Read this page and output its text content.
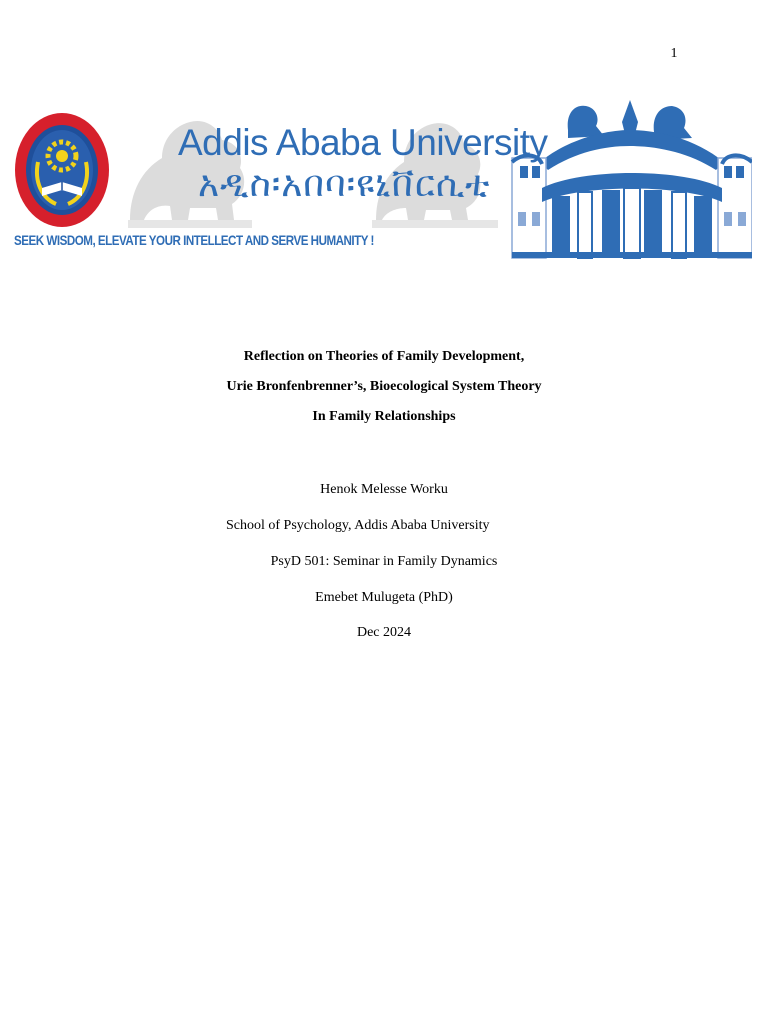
1
Addis Ababa University
አዲስ፡አበባ፡ዩኒቨርሲቲ
SEEK WISDOM, ELEVATE YOUR INTELLECT AND SERVE HUMANITY !
Reflection on Theories of Family Development,
Urie Bronfenbrenner’s, Bioecological System Theory
In Family Relationships
Henok Melesse Worku
School of Psychology, Addis Ababa University
PsyD 501: Seminar in Family Dynamics
Emebet Mulugeta (PhD)
Dec 2024
